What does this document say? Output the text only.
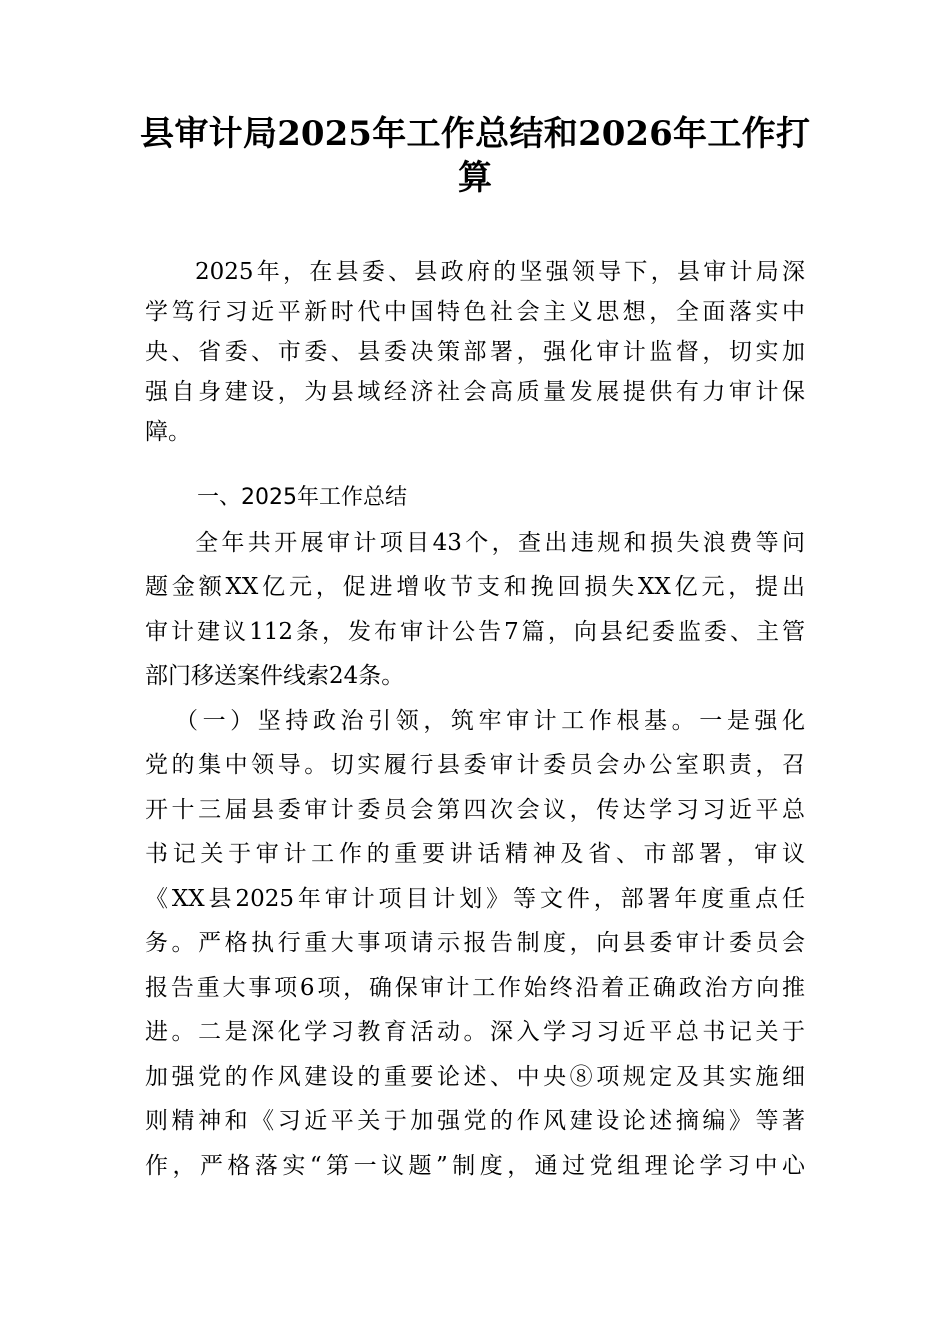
县审计局2025年工作总结和2026年工作打
算
2025年，在县委、县政府的坚强领导下，县审计局深
学笃行习近平新时代中国特色社会主义思想，全面落实中
央、省委、市委、县委决策部署，强化审计监督，切实加
强自身建设，为县域经济社会高质量发展提供有力审计保
障。
一、2025年工作总结
全年共开展审计项目43个，查出违规和损失浪费等问
题金额XX亿元，促进增收节支和挽回损失XX亿元，提出
审计建议112条，发布审计公告7篇，向县纪委监委、主管
部门移送案件线索24条。
（一）坚持政治引领，筑牢审计工作根基。一是强化
党的集中领导。切实履行县委审计委员会办公室职责，召
开十三届县委审计委员会第四次会议，传达学习习近平总
书记关于审计工作的重要讲话精神及省、市部署，审议
《XX县2025年审计项目计划》等文件，部署年度重点任
务。严格执行重大事项请示报告制度，向县委审计委员会
报告重大事项6项，确保审计工作始终沿着正确政治方向推
进。二是深化学习教育活动。深入学习习近平总书记关于
加强党的作风建设的重要论述、中央⑧项规定及其实施细
则精神和《习近平关于加强党的作风建设论述摘编》等著
作，严格落实“第一议题”制度，通过党组理论学习中心
